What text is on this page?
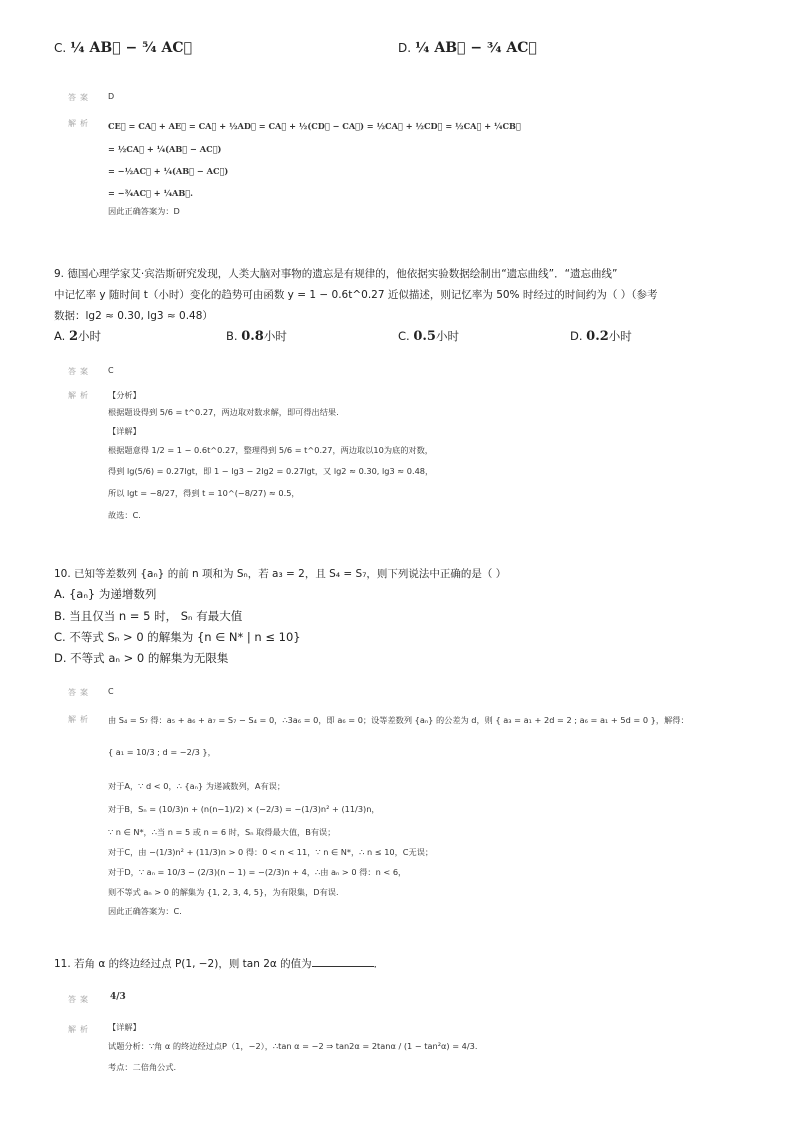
C. ¼ AB⃗ − ⁵⁄₄ AC⃗	D. ¼ AB⃗ − ¾ AC⃗
答案 D
解析 CE⃗ = CA⃗ + AE⃗ = CA⃗ + ½AD⃗ = CA⃗ + ½(CD⃗ − CA⃗) = ½CA⃗ + ½CD⃗ = ½CA⃗ + ¼CB⃗
= ½CA⃗ + ¼(AB⃗ − AC⃗)
= −½AC⃗ + ¼(AB⃗ − AC⃗)
= −¾AC⃗ + ¼AB⃗.
因此正确答案为：D
9. 德国心理学家艾·宾浩斯研究发现，人类大脑对事物的遗忘是有规律的，他依据实验数据绘制出“遗忘曲线”．“遗忘曲线”
中记忆率 y 随时间 t（小时）变化的趋势可由函数 y = 1 − 0.6t^0.27 近似描述，则记忆率为 50% 时经过的时间约为（ ）（参考
数据：lg2 ≈ 0.30, lg3 ≈ 0.48）
A. 2小时	B. 0.8小时	C. 0.5小时	D. 0.2小时
答案 C
解析 【分析】
根据题设得到 5/6 = t^0.27，两边取对数求解，即可得出结果.
【详解】
根据题意得 1/2 = 1 − 0.6t^0.27，整理得到 5/6 = t^0.27，两边取以10为底的对数，
得到 lg(5/6) = 0.27lgt，即 1 − lg3 − 2lg2 = 0.27lgt，又 lg2 ≈ 0.30, lg3 ≈ 0.48，
所以 lgt = −8/27，得到 t = 10^(−8/27) ≈ 0.5，
故选：C.
10. 已知等差数列 {aₙ} 的前 n 项和为 Sₙ，若 a₃ = 2，且 S₄ = S₇，则下列说法中正确的是（ ）
A. {aₙ} 为递增数列
B. 当且仅当 n = 5 时， Sₙ 有最大值
C. 不等式 Sₙ > 0 的解集为 {n ∈ N* | n ≤ 10}
D. 不等式 aₙ > 0 的解集为无限集
答案 C
解析 由 S₄ = S₇ 得：a₅ + a₆ + a₇ = S₇ − S₄ = 0，∴3a₆ = 0，即 a₆ = 0；设等差数列 {aₙ} 的公差为 d，则 { a₃ = a₁ + 2d = 2 ; a₆ = a₁ + 5d = 0 }，解得：
{ a₁ = 10/3 ; d = −2/3 }，
对于A，∵ d < 0，∴ {aₙ} 为递减数列，A有误；
对于B，Sₙ = (10/3)n + (n(n−1)/2) × (−2/3) = −(1/3)n² + (11/3)n，
∵ n ∈ N*，∴当 n = 5 或 n = 6 时，Sₙ 取得最大值，B有误；
对于C，由 −(1/3)n² + (11/3)n > 0 得：0 < n < 11，∵ n ∈ N*，∴ n ≤ 10，C无误；
对于D，∵ aₙ = 10/3 − (2/3)(n − 1) = −(2/3)n + 4，∴由 aₙ > 0 得：n < 6，
则不等式 aₙ > 0 的解集为 {1, 2, 3, 4, 5}，为有限集，D有误.
因此正确答案为：C.
11. 若角 α 的终边经过点 P(1, −2)，则 tan 2α 的值为	．
答案 4/3
解析 【详解】
试题分析：∵角 α 的终边经过点P（1，−2），∴tan α = −2 ⇒ tan2α = 2tanα / (1 − tan²α) = 4/3.
考点：二倍角公式.
